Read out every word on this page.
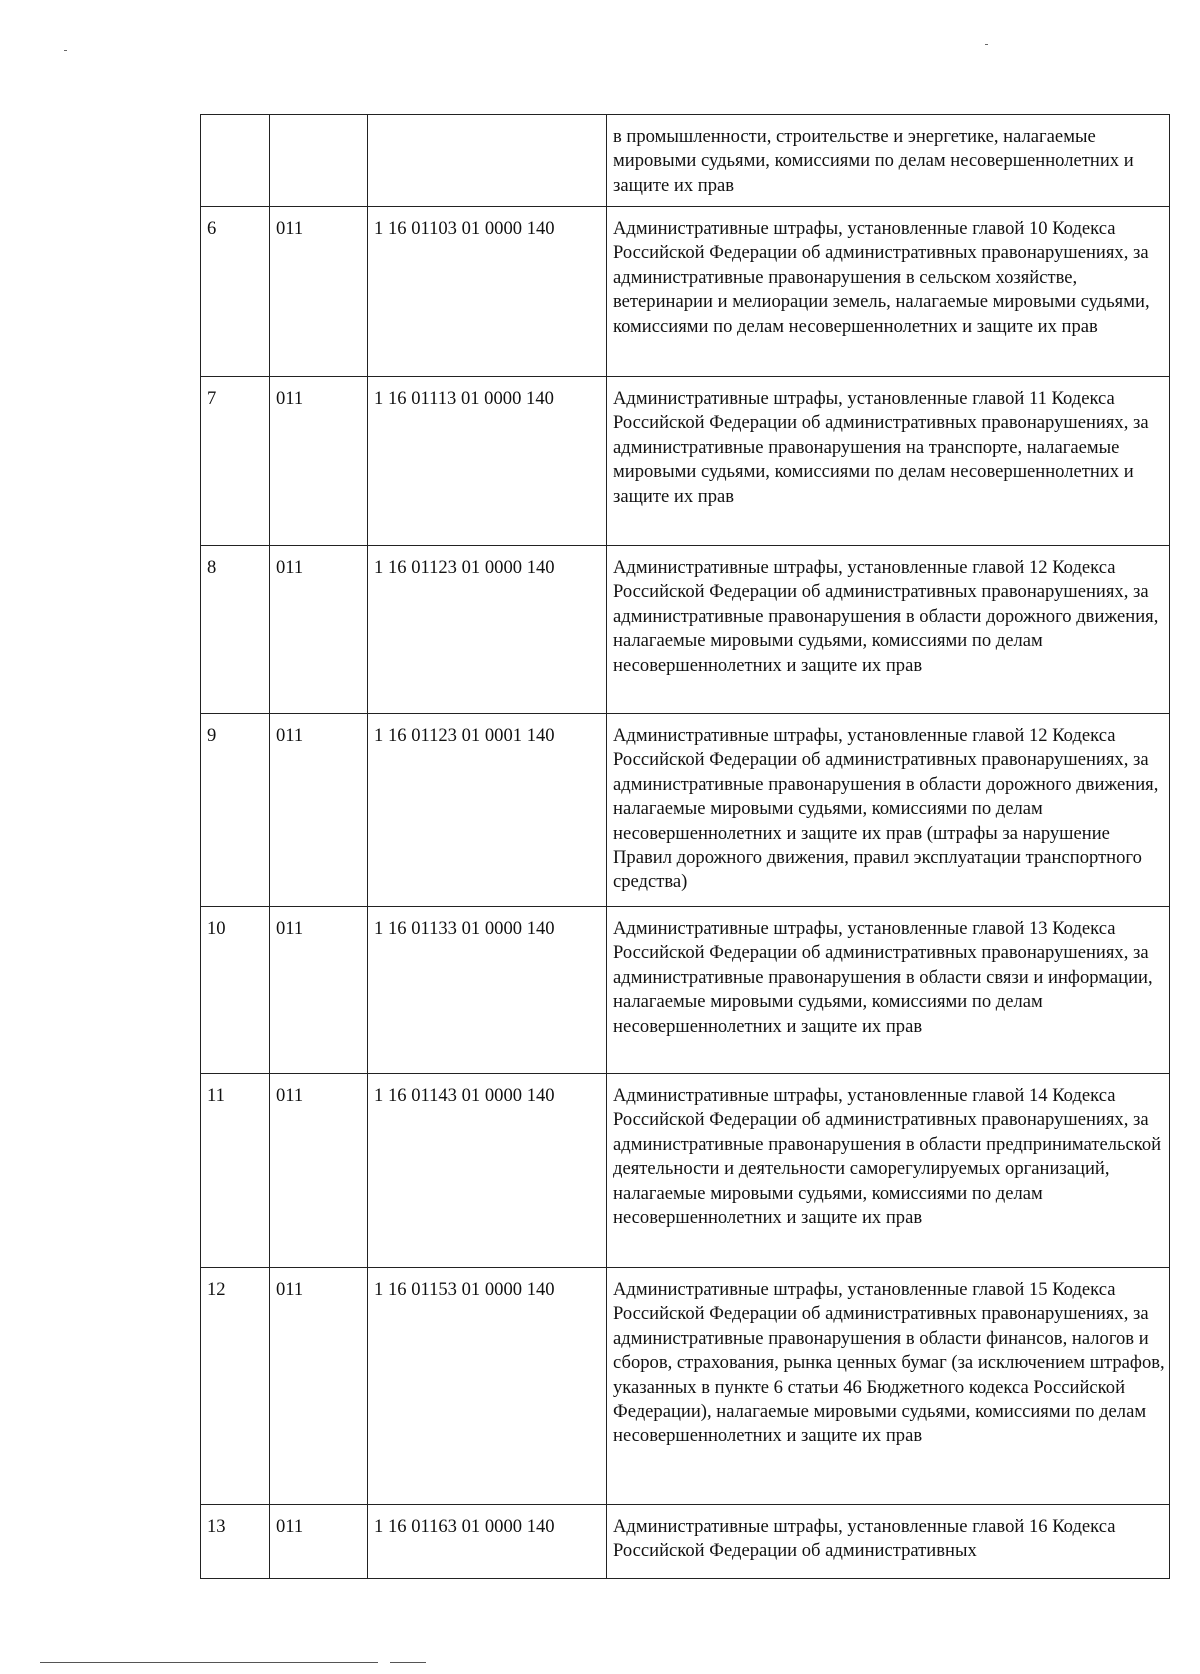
			в промышленности, строительстве и энергетике, налагаемые мировыми судьями, комиссиями по делам несовершеннолетних и защите их прав
6	011	1 16 01103 01 0000 140	Административные штрафы, установленные главой 10 Кодекса Российской Федерации об административных правонарушениях, за административные правонарушения в сельском хозяйстве, ветеринарии и мелиорации земель, налагаемые мировыми судьями, комиссиями по делам несовершеннолетних и защите их прав
7	011	1 16 01113 01 0000 140	Административные штрафы, установленные главой 11 Кодекса Российской Федерации об административных правонарушениях, за административные правонарушения на транспорте, налагаемые мировыми судьями, комиссиями по делам несовершеннолетних и защите их прав
8	011	1 16 01123 01 0000 140	Административные штрафы, установленные главой 12 Кодекса Российской Федерации об административных правонарушениях, за административные правонарушения в области дорожного движения, налагаемые мировыми судьями, комиссиями по делам несовершеннолетних и защите их прав
9	011	1 16 01123 01 0001 140	Административные штрафы, установленные главой 12 Кодекса Российской Федерации об административных правонарушениях, за административные правонарушения в области дорожного движения, налагаемые мировыми судьями, комиссиями по делам несовершеннолетних и защите их прав (штрафы за нарушение Правил дорожного движения, правил эксплуатации транспортного средства)
10	011	1 16 01133 01 0000 140	Административные штрафы, установленные главой 13 Кодекса Российской Федерации об административных правонарушениях, за административные правонарушения в области связи и информации, налагаемые мировыми судьями, комиссиями по делам несовершеннолетних и защите их прав
11	011	1 16 01143 01 0000 140	Административные штрафы, установленные главой 14 Кодекса Российской Федерации об административных правонарушениях, за административные правонарушения в области предпринимательской деятельности и деятельности саморегулируемых организаций, налагаемые мировыми судьями, комиссиями по делам несовершеннолетних и защите их прав
12	011	1 16 01153 01 0000 140	Административные штрафы, установленные главой 15 Кодекса Российской Федерации об административных правонарушениях, за административные правонарушения в области финансов, налогов и сборов, страхования, рынка ценных бумаг (за исключением штрафов, указанных в пункте 6 статьи 46 Бюджетного кодекса Российской Федерации), налагаемые мировыми судьями, комиссиями по делам несовершеннолетних и защите их прав
13	011	1 16 01163 01 0000 140	Административные штрафы, установленные главой 16 Кодекса Российской Федерации об административных
